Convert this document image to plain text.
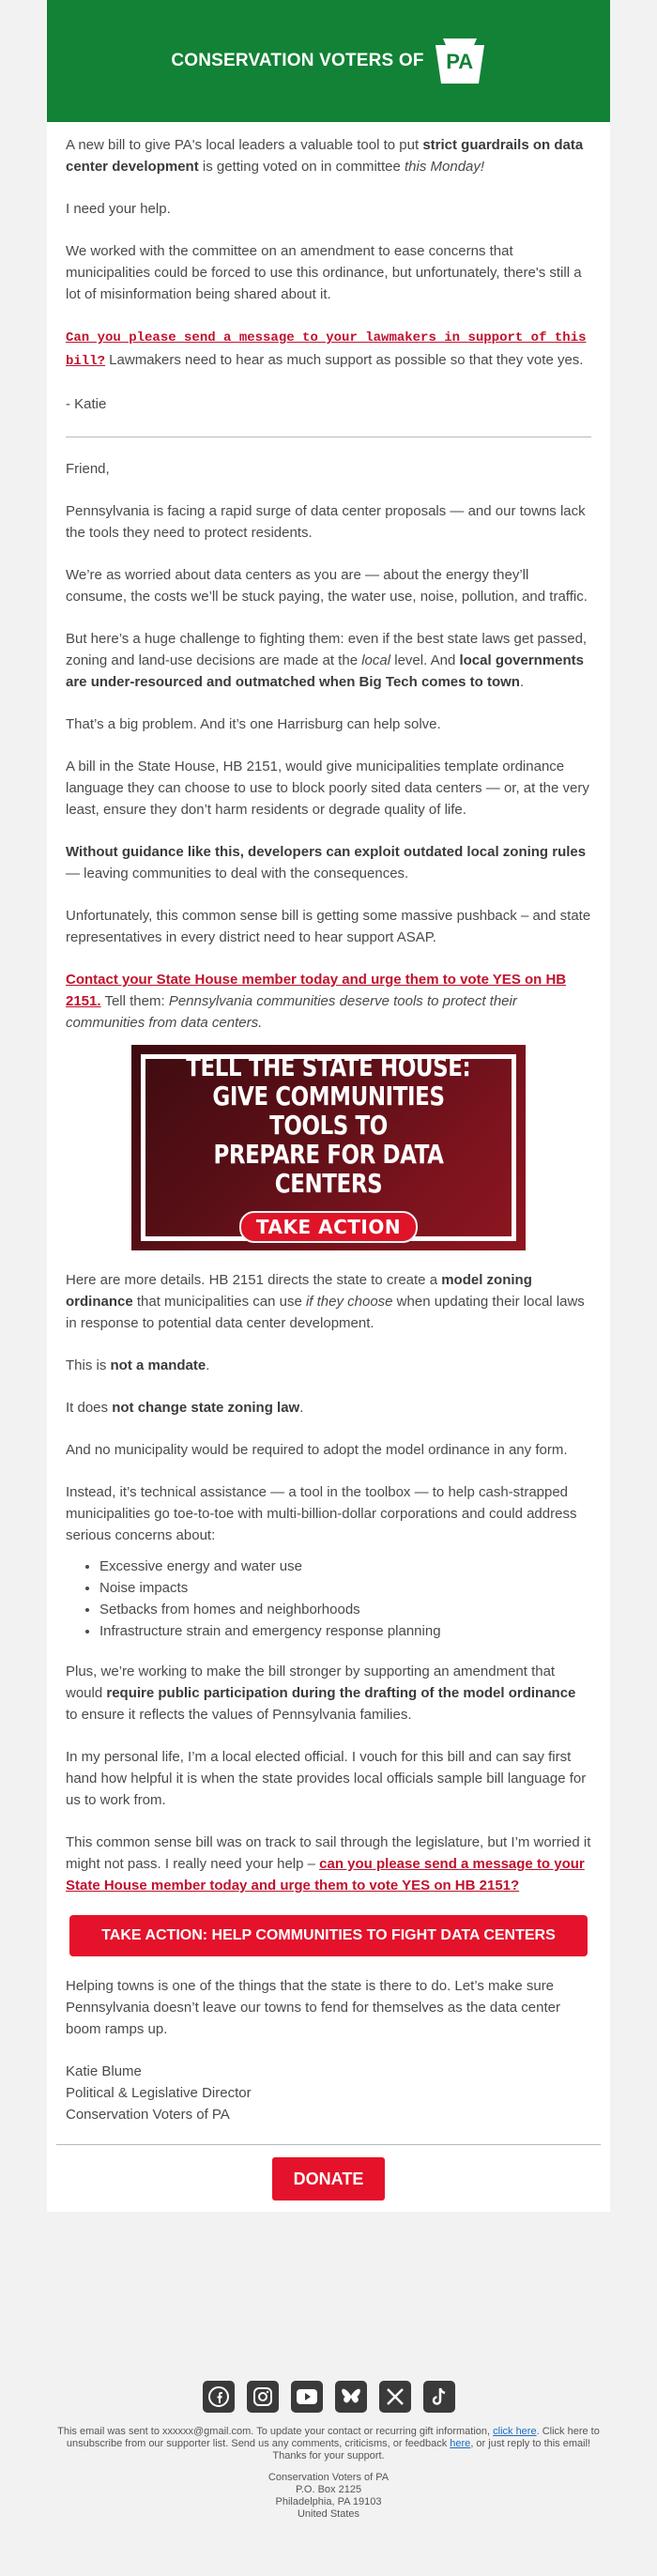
CONSERVATION VOTERS OF	PA

A new bill to give PA's local leaders a valuable tool to put strict guardrails on data center development is getting voted on in committee this Monday!

I need your help.

We worked with the committee on an amendment to ease concerns that municipalities could be forced to use this ordinance, but unfortunately, there's still a lot of misinformation being shared about it.

Can you please send a message to your lawmakers in support of this bill? Lawmakers need to hear as much support as possible so that they vote yes.

- Katie

Friend,

Pennsylvania is facing a rapid surge of data center proposals — and our towns lack the tools they need to protect residents.

We’re as worried about data centers as you are — about the energy they’ll consume, the costs we’ll be stuck paying, the water use, noise, pollution, and traffic.

But here’s a huge challenge to fighting them: even if the best state laws get passed, zoning and land-use decisions are made at the local level. And local governments are under-resourced and outmatched when Big Tech comes to town.

That’s a big problem. And it’s one Harrisburg can help solve.

A bill in the State House, HB 2151, would give municipalities template ordinance language they can choose to use to block poorly sited data centers — or, at the very least, ensure they don’t harm residents or degrade quality of life.

Without guidance like this, developers can exploit outdated local zoning rules — leaving communities to deal with the consequences.

Unfortunately, this common sense bill is getting some massive pushback – and state representatives in every district need to hear support ASAP.

Contact your State House member today and urge them to vote YES on HB 2151. Tell them: Pennsylvania communities deserve tools to protect their communities from data centers.

TELL THE STATE HOUSE:
GIVE COMMUNITIES TOOLS TO
PREPARE FOR DATA CENTERS
TAKE ACTION

Here are more details. HB 2151 directs the state to create a model zoning ordinance that municipalities can use if they choose when updating their local laws in response to potential data center development.

This is not a mandate.

It does not change state zoning law.

And no municipality would be required to adopt the model ordinance in any form.

Instead, it’s technical assistance — a tool in the toolbox — to help cash-strapped municipalities go toe-to-toe with multi-billion-dollar corporations and could address serious concerns about:

• Excessive energy and water use
• Noise impacts
• Setbacks from homes and neighborhoods
• Infrastructure strain and emergency response planning

Plus, we’re working to make the bill stronger by supporting an amendment that would require public participation during the drafting of the model ordinance to ensure it reflects the values of Pennsylvania families.

In my personal life, I’m a local elected official. I vouch for this bill and can say first hand how helpful it is when the state provides local officials sample bill language for us to work from.

This common sense bill was on track to sail through the legislature, but I’m worried it might not pass. I really need your help – can you please send a message to your State House member today and urge them to vote YES on HB 2151?

TAKE ACTION: HELP COMMUNITIES TO FIGHT DATA CENTERS

Helping towns is one of the things that the state is there to do. Let’s make sure Pennsylvania doesn’t leave our towns to fend for themselves as the data center boom ramps up.

Katie Blume

Political & Legislative Director

Conservation Voters of PA

DONATE
This email was sent to xxxxxx@gmail.com. To update your contact or recurring gift information, click here. Click here to unsubscribe from our supporter list. Send us any comments, criticisms, or feedback here, or just reply to this email! Thanks for your support.
Conservation Voters of PA
P.O. Box 2125
Philadelphia, PA 19103
United States
